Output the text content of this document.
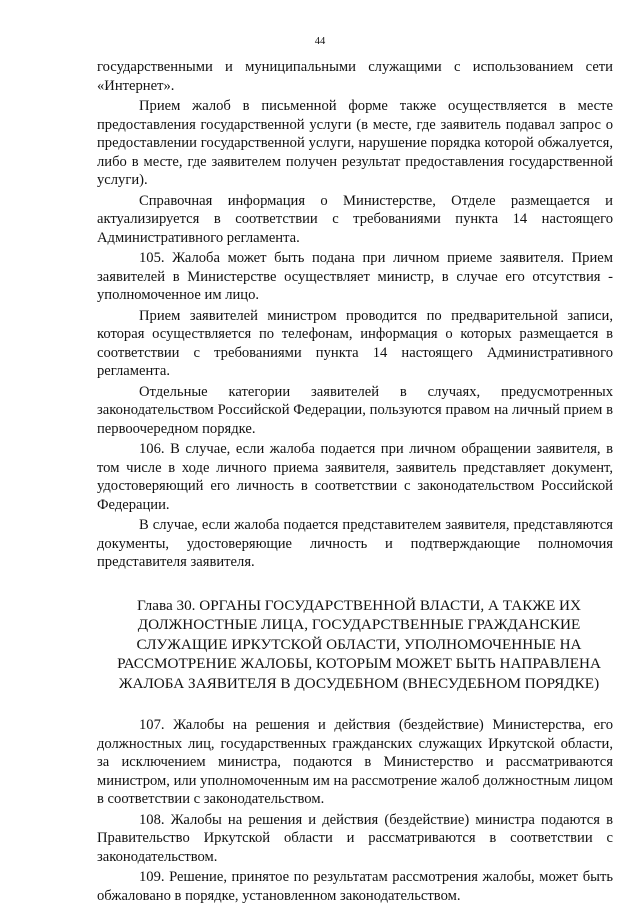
44

государственными и муниципальными служащими с использованием сети «Интернет».

Прием жалоб в письменной форме также осуществляется в месте предоставления государственной услуги (в месте, где заявитель подавал запрос о предоставлении государственной услуги, нарушение порядка которой обжалуется, либо в месте, где заявителем получен результат предоставления государственной услуги).

Справочная информация о Министерстве, Отделе размещается и актуализируется в соответствии с требованиями пункта 14 настоящего Административного регламента.

105. Жалоба может быть подана при личном приеме заявителя. Прием заявителей в Министерстве осуществляет министр, в случае его отсутствия - уполномоченное им лицо.

Прием заявителей министром проводится по предварительной записи, которая осуществляется по телефонам, информация о которых размещается в соответствии с требованиями пункта 14 настоящего Административного регламента.

Отдельные категории заявителей в случаях, предусмотренных законодательством Российской Федерации, пользуются правом на личный прием в первоочередном порядке.

106. В случае, если жалоба подается при личном обращении заявителя, в том числе в ходе личного приема заявителя, заявитель представляет документ, удостоверяющий его личность в соответствии с законодательством Российской Федерации.

В случае, если жалоба подается представителем заявителя, представляются документы, удостоверяющие личность и подтверждающие полномочия представителя заявителя.

Глава 30. ОРГАНЫ ГОСУДАРСТВЕННОЙ ВЛАСТИ, А ТАКЖЕ ИХ ДОЛЖНОСТНЫЕ ЛИЦА, ГОСУДАРСТВЕННЫЕ ГРАЖДАНСКИЕ СЛУЖАЩИЕ ИРКУТСКОЙ ОБЛАСТИ, УПОЛНОМОЧЕННЫЕ НА РАССМОТРЕНИЕ ЖАЛОБЫ, КОТОРЫМ МОЖЕТ БЫТЬ НАПРАВЛЕНА ЖАЛОБА ЗАЯВИТЕЛЯ В ДОСУДЕБНОМ (ВНЕСУДЕБНОМ ПОРЯДКЕ)

107. Жалобы на решения и действия (бездействие) Министерства, его должностных лиц, государственных гражданских служащих Иркутской области, за исключением министра, подаются в Министерство и рассматриваются министром, или уполномоченным им на рассмотрение жалоб должностным лицом в соответствии с законодательством.

108. Жалобы на решения и действия (бездействие) министра подаются в Правительство Иркутской области и рассматриваются в соответствии с законодательством.

109. Решение, принятое по результатам рассмотрения жалобы, может быть обжаловано в порядке, установленном законодательством.
